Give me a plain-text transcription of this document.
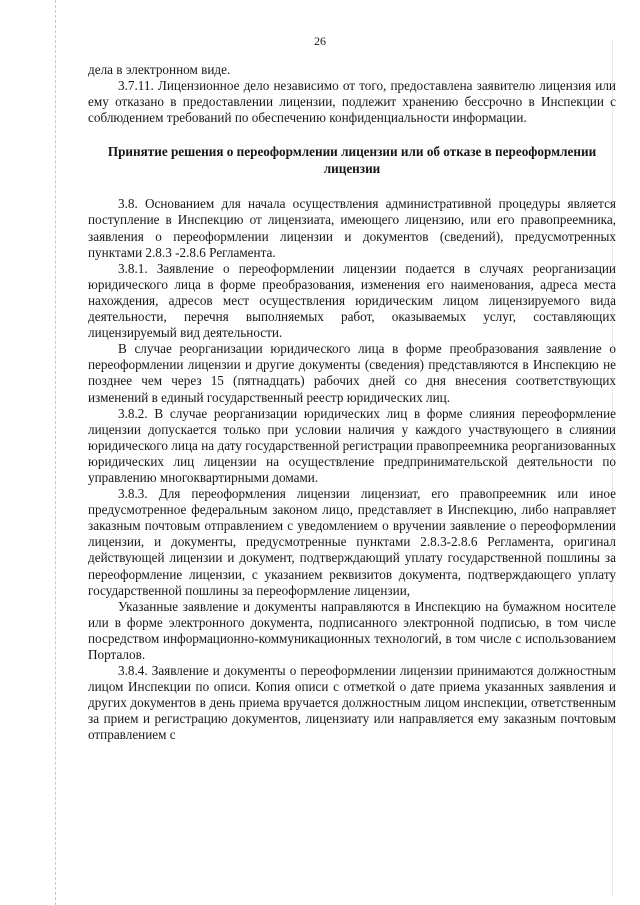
26

дела в электронном виде.

3.7.11. Лицензионное дело независимо от того, предоставлена заявителю лицензия или ему отказано в предоставлении лицензии, подлежит хранению бессрочно в Инспекции с соблюдением требований по обеспечению конфиденциальности информации.

Принятие решения о переоформлении лицензии или об отказе в переоформлении лицензии

3.8. Основанием для начала осуществления административной процедуры является поступление в Инспекцию от лицензиата, имеющего лицензию, или его правопреемника, заявления о переоформлении лицензии и документов (сведений), предусмотренных пунктами 2.8.3 -2.8.6 Регламента.

3.8.1. Заявление о переоформлении лицензии подается в случаях реорганизации юридического лица в форме преобразования, изменения его наименования, адреса места нахождения, адресов мест осуществления юридическим лицом лицензируемого вида деятельности, перечня выполняемых работ, оказываемых услуг, составляющих лицензируемый вид деятельности.

В случае реорганизации юридического лица в форме преобразования заявление о переоформлении лицензии и другие документы (сведения) представляются в Инспекцию не позднее чем через 15 (пятнадцать) рабочих дней со дня внесения соответствующих изменений в единый государственный реестр юридических лиц.

3.8.2. В случае реорганизации юридических лиц в форме слияния переоформление лицензии допускается только при условии наличия у каждого участвующего в слиянии юридического лица на дату государственной регистрации правопреемника реорганизованных юридических лиц лицензии на осуществление предпринимательской деятельности по управлению многоквартирными домами.

3.8.3. Для переоформления лицензии лицензиат, его правопреемник или иное предусмотренное федеральным законом лицо, представляет в Инспекцию, либо направляет заказным почтовым отправлением с уведомлением о вручении заявление о переоформлении лицензии, и документы, предусмотренные пунктами 2.8.3-2.8.6 Регламента, оригинал действующей лицензии и документ, подтверждающий уплату государственной пошлины за переоформление лицензии, с указанием реквизитов документа, подтверждающего уплату государственной пошлины за переоформление лицензии,

Указанные заявление и документы направляются в Инспекцию на бумажном носителе или в форме электронного документа, подписанного электронной подписью, в том числе посредством информационно-коммуникационных технологий, в том числе с использованием Порталов.

3.8.4. Заявление и документы о переоформлении лицензии принимаются должностным лицом Инспекции по описи. Копия описи с отметкой о дате приема указанных заявления и других документов в день приема вручается должностным лицом инспекции, ответственным за прием и регистрацию документов, лицензиату или направляется ему заказным почтовым отправлением с
